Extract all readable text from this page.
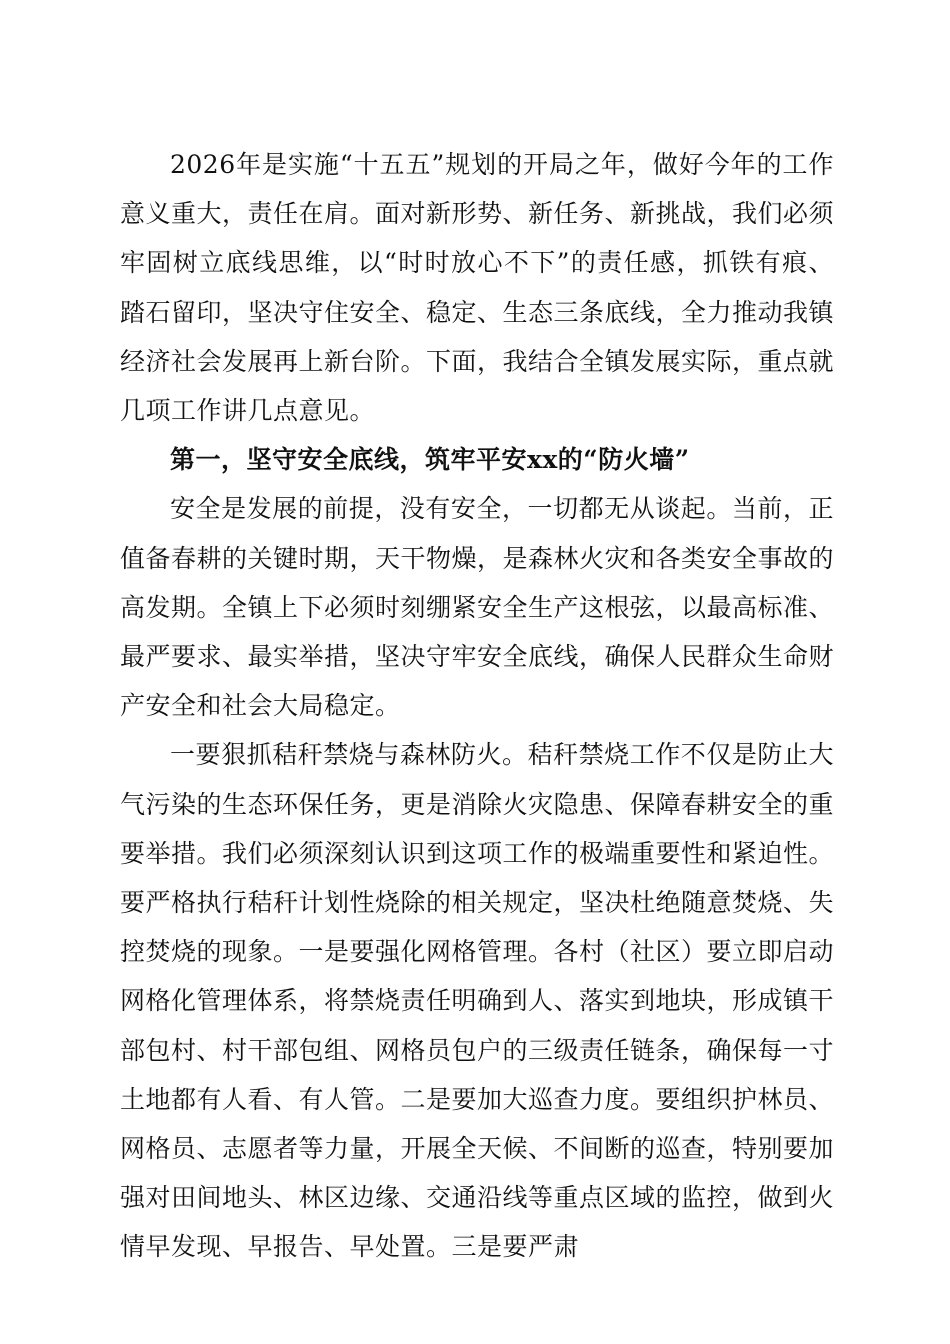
2026年是实施“十五五”规划的开局之年，做好今年的工作意义重大，责任在肩。面对新形势、新任务、新挑战，我们必须牢固树立底线思维，以“时时放心不下”的责任感，抓铁有痕、踏石留印，坚决守住安全、稳定、生态三条底线，全力推动我镇经济社会发展再上新台阶。下面，我结合全镇发展实际，重点就几项工作讲几点意见。

第一，坚守安全底线，筑牢平安xx的“防火墙”

安全是发展的前提，没有安全，一切都无从谈起。当前，正值备春耕的关键时期，天干物燥，是森林火灾和各类安全事故的高发期。全镇上下必须时刻绷紧安全生产这根弦，以最高标准、最严要求、最实举措，坚决守牢安全底线，确保人民群众生命财产安全和社会大局稳定。

一要狠抓秸秆禁烧与森林防火。秸秆禁烧工作不仅是防止大气污染的生态环保任务，更是消除火灾隐患、保障春耕安全的重要举措。我们必须深刻认识到这项工作的极端重要性和紧迫性。要严格执行秸秆计划性烧除的相关规定，坚决杜绝随意焚烧、失控焚烧的现象。一是要强化网格管理。各村（社区）要立即启动网格化管理体系，将禁烧责任明确到人、落实到地块，形成镇干部包村、村干部包组、网格员包户的三级责任链条，确保每一寸土地都有人看、有人管。二是要加大巡查力度。要组织护林员、网格员、志愿者等力量，开展全天候、不间断的巡查，特别要加强对田间地头、林区边缘、交通沿线等重点区域的监控，做到火情早发现、早报告、早处置。三是要严肃
